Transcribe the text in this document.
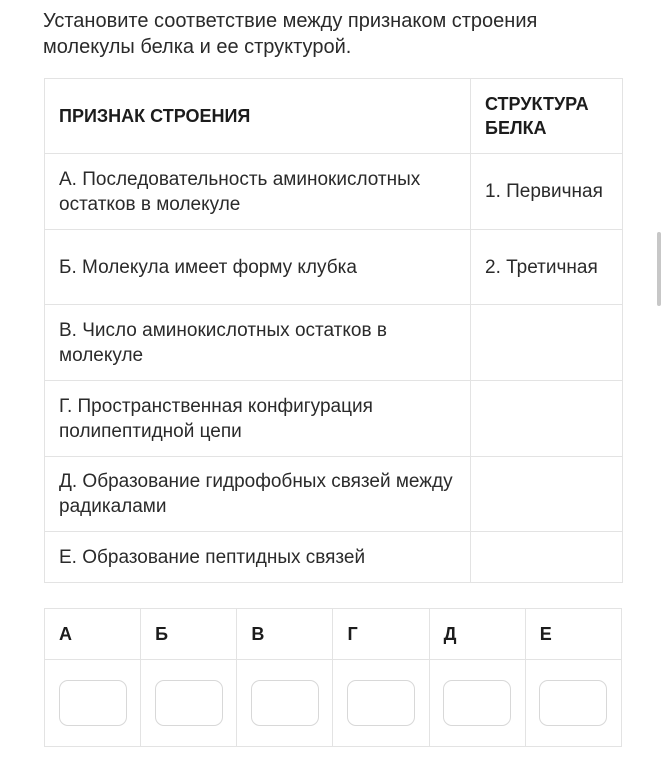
Установите соответствие между признаком строения молекулы белка и ее структурой.
ПРИЗНАК СТРОЕНИЯ	СТРУКТУРА БЕЛКА
А. Последовательность аминокислотных остатков в молекуле	1. Первичная
Б. Молекула имеет форму клубка	2. Третичная
В. Число аминокислотных остатков в молекуле	
Г. Пространственная конфигурация полипептидной цепи	
Д. Образование гидрофобных связей между радикалами	
Е. Образование пептидных связей	
А	Б	В	Г	Д	Е
